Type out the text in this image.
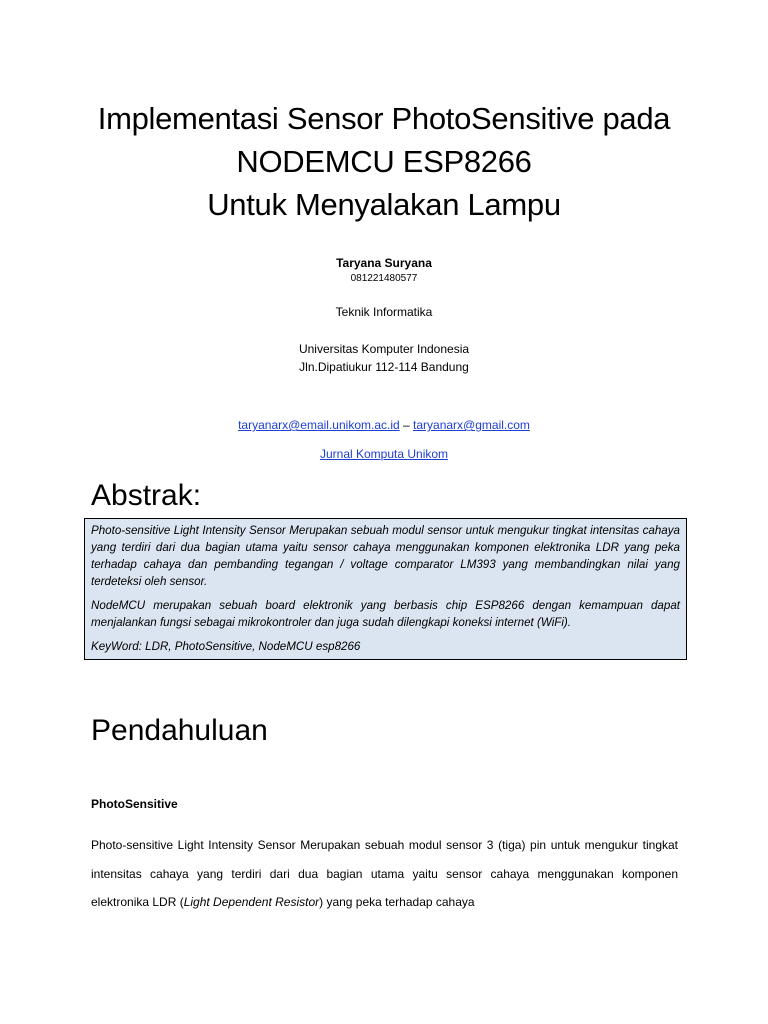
Implementasi Sensor PhotoSensitive pada
NODEMCU ESP8266
Untuk Menyalakan Lampu
Taryana Suryana
081221480577
Teknik Informatika
Universitas Komputer Indonesia
Jln.Dipatiukur 112-114 Bandung
taryanarx@email.unikom.ac.id – taryanarx@gmail.com
Jurnal Komputa Unikom
Abstrak:

Photo-sensitive Light Intensity Sensor Merupakan sebuah modul sensor untuk mengukur tingkat intensitas cahaya yang terdiri dari dua bagian utama yaitu sensor cahaya menggunakan komponen elektronika LDR yang peka terhadap cahaya dan pembanding tegangan / voltage comparator LM393 yang membandingkan nilai yang terdeteksi oleh sensor.

NodeMCU merupakan sebuah board elektronik yang berbasis chip ESP8266 dengan kemampuan dapat menjalankan fungsi sebagai mikrokontroler dan juga sudah dilengkapi koneksi internet (WiFi).

KeyWord: LDR, PhotoSensitive, NodeMCU esp8266

Pendahuluan
PhotoSensitive

Photo-sensitive Light Intensity Sensor Merupakan sebuah modul sensor 3 (tiga) pin untuk mengukur tingkat intensitas cahaya yang terdiri dari dua bagian utama yaitu sensor cahaya menggunakan komponen elektronika LDR (Light Dependent Resistor) yang peka terhadap cahaya
